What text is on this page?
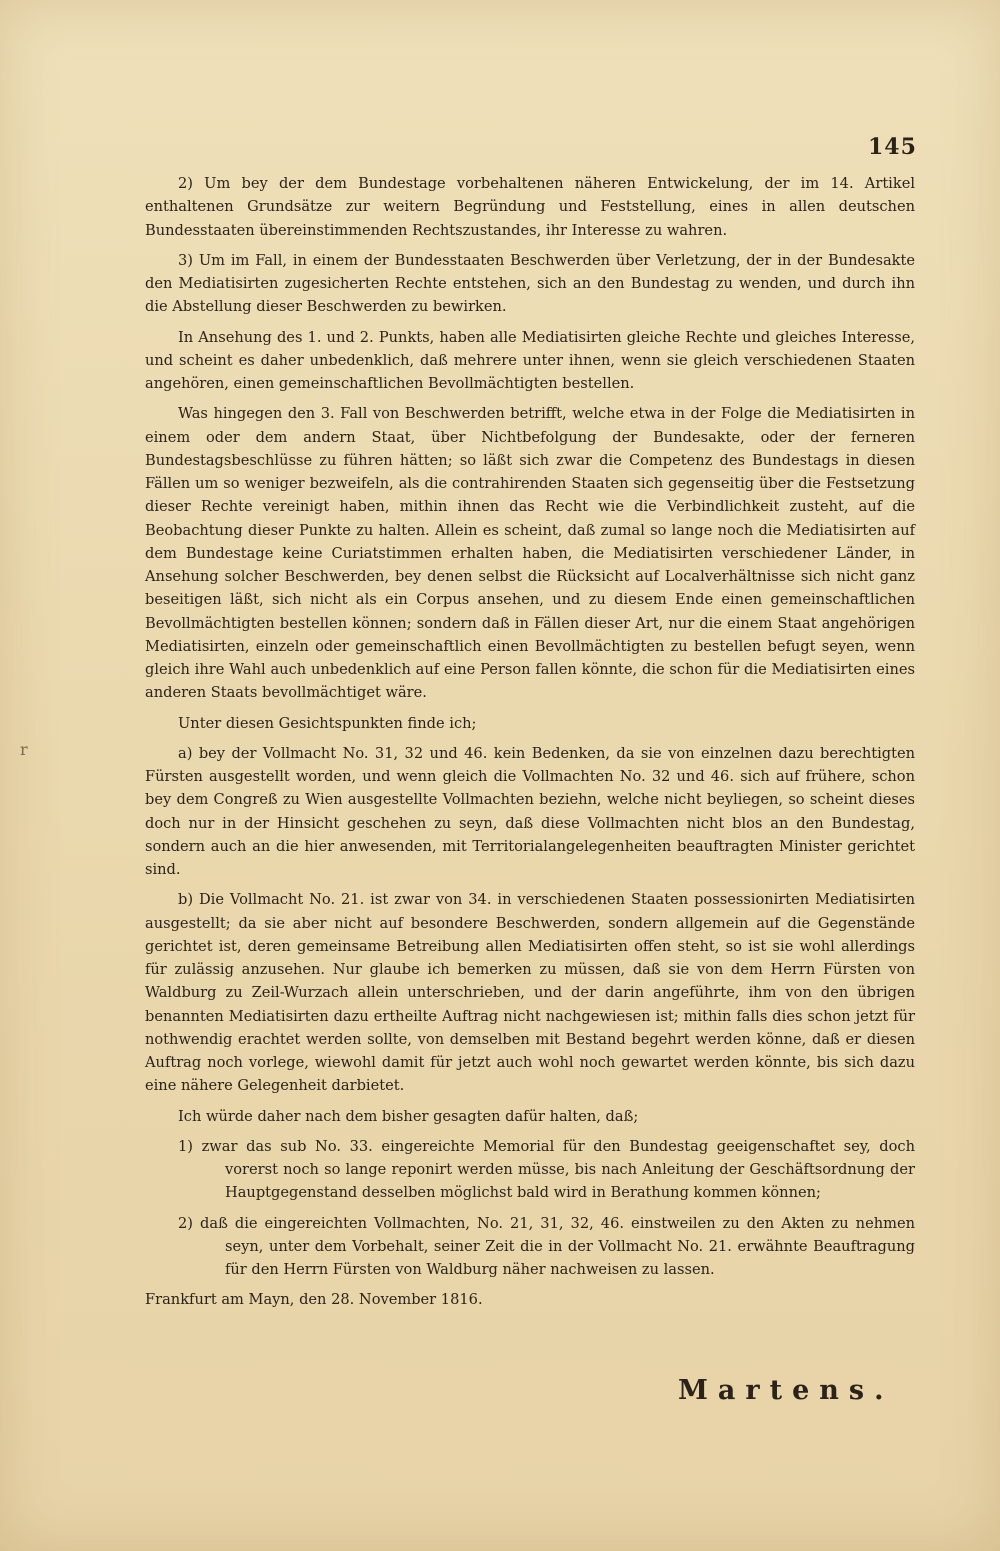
145
r

2) Um bey der dem Bundestage vorbehaltenen näheren Entwickelung, der im 14. Artikel enthaltenen Grundsätze zur weitern Begründung und Feststellung, eines in allen deutschen Bundesstaaten übereinstimmenden Rechtszustandes, ihr Interesse zu wahren.

3) Um im Fall, in einem der Bundesstaaten Beschwerden über Verletzung, der in der Bundesakte den Mediatisirten zugesicherten Rechte entstehen, sich an den Bundestag zu wenden, und durch ihn die Abstellung dieser Beschwerden zu bewirken.

In Ansehung des 1. und 2. Punkts, haben alle Mediatisirten gleiche Rechte und gleiches Interesse, und scheint es daher unbedenklich, daß mehrere unter ihnen, wenn sie gleich verschiedenen Staaten angehören, einen gemeinschaftlichen Bevollmächtigten bestellen.

Was hingegen den 3. Fall von Beschwerden betrifft, welche etwa in der Folge die Mediatisirten in einem oder dem andern Staat, über Nichtbefolgung der Bundesakte, oder der ferneren Bundestagsbeschlüsse zu führen hätten; so läßt sich zwar die Competenz des Bundestags in diesen Fällen um so weniger bezweifeln, als die contrahirenden Staaten sich gegenseitig über die Festsetzung dieser Rechte vereinigt haben, mithin ihnen das Recht wie die Verbindlichkeit zusteht, auf die Beobachtung dieser Punkte zu halten. Allein es scheint, daß zumal so lange noch die Mediatisirten auf dem Bundestage keine Curiatstimmen erhalten haben, die Mediatisirten verschiedener Länder, in Ansehung solcher Beschwerden, bey denen selbst die Rücksicht auf Localverhältnisse sich nicht ganz beseitigen läßt, sich nicht als ein Corpus ansehen, und zu diesem Ende einen gemeinschaftlichen Bevollmächtigten bestellen können; sondern daß in Fällen dieser Art, nur die einem Staat angehörigen Mediatisirten, einzeln oder gemeinschaftlich einen Bevollmächtigten zu bestellen befugt seyen, wenn gleich ihre Wahl auch unbedenklich auf eine Person fallen könnte, die schon für die Mediatisirten eines anderen Staats bevollmächtiget wäre.

Unter diesen Gesichtspunkten finde ich;

a) bey der Vollmacht No. 31, 32 und 46. kein Bedenken, da sie von einzelnen dazu berechtigten Fürsten ausgestellt worden, und wenn gleich die Vollmachten No. 32 und 46. sich auf frühere, schon bey dem Congreß zu Wien ausgestellte Vollmachten beziehn, welche nicht beyliegen, so scheint dieses doch nur in der Hinsicht geschehen zu seyn, daß diese Vollmachten nicht blos an den Bundestag, sondern auch an die hier anwesenden, mit Territorialangelegenheiten beauftragten Minister gerichtet sind.

b) Die Vollmacht No. 21. ist zwar von 34. in verschiedenen Staaten possessionirten Mediatisirten ausgestellt; da sie aber nicht auf besondere Beschwerden, sondern allgemein auf die Gegenstände gerichtet ist, deren gemeinsame Betreibung allen Mediatisirten offen steht, so ist sie wohl allerdings für zulässig anzusehen. Nur glaube ich bemerken zu müssen, daß sie von dem Herrn Fürsten von Waldburg zu Zeil-Wurzach allein unterschrieben, und der darin angeführte, ihm von den übrigen benannten Mediatisirten dazu ertheilte Auftrag nicht nachgewiesen ist; mithin falls dies schon jetzt für nothwendig erachtet werden sollte, von demselben mit Bestand begehrt werden könne, daß er diesen Auftrag noch vorlege, wiewohl damit für jetzt auch wohl noch gewartet werden könnte, bis sich dazu eine nähere Gelegenheit darbietet.

Ich würde daher nach dem bisher gesagten dafür halten, daß;

1) zwar das sub No. 33. eingereichte Memorial für den Bundestag geeigenschaftet sey, doch vorerst noch so lange reponirt werden müsse, bis nach Anleitung der Geschäftsordnung der Hauptgegenstand desselben möglichst bald wird in Berathung kommen können;

2) daß die eingereichten Vollmachten, No. 21, 31, 32, 46. einstweilen zu den Akten zu nehmen seyn, unter dem Vorbehalt, seiner Zeit die in der Vollmacht No. 21. erwähnte Beauftragung für den Herrn Fürsten von Waldburg näher nachweisen zu lassen.

Frankfurt am Mayn, den 28. November 1816.

Martens.
